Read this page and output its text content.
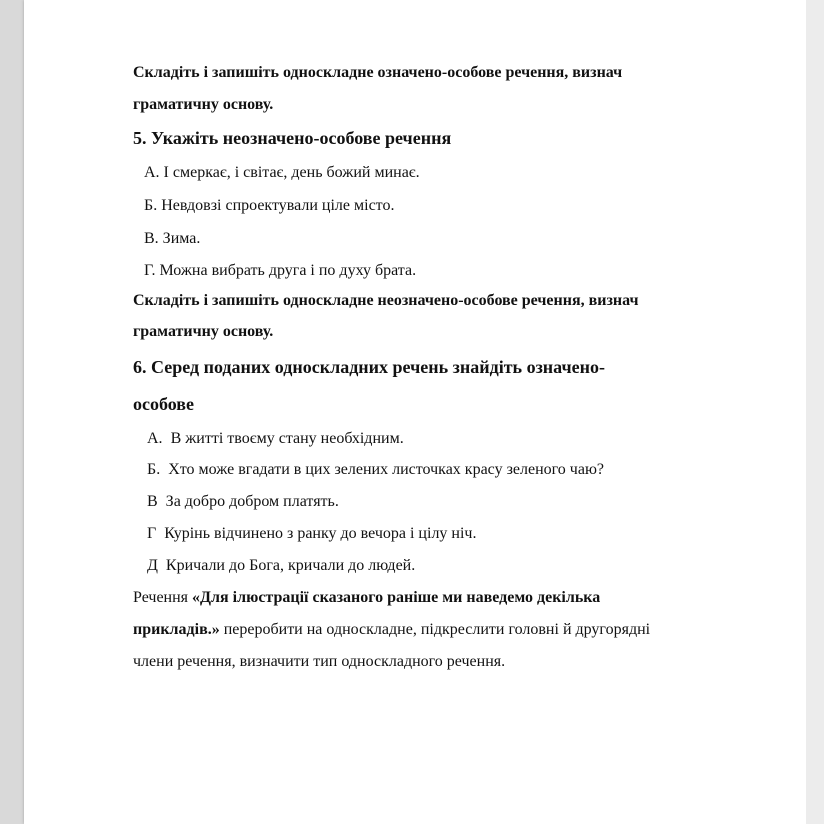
Складіть і запишіть односкладне означено-особове речення, визнач
граматичну основу.
5. Укажіть неозначено-особове речення
А. І смеркає, і світає, день божий минає.
Б. Невдовзі спроектували ціле місто.
В. Зима.
Г. Можна вибрать друга і по духу брата.
Складіть і запишіть односкладне неозначено-особове речення, визнач
граматичну основу.
6. Серед поданих односкладних речень знайдіть означено-
особове
А. В житті твоєму стану необхідним.
Б. Хто може вгадати в цих зелених листочках красу зеленого чаю?
В За добро добром платять.
Г Курінь відчинено з ранку до вечора і цілу ніч.
Д Кричали до Бога, кричали до людей.
Речення «Для ілюстрації сказаного раніше ми наведемо декілька
прикладів.» переробити на односкладне, підкреслити головні й другорядні
члени речення, визначити тип односкладного речення.
